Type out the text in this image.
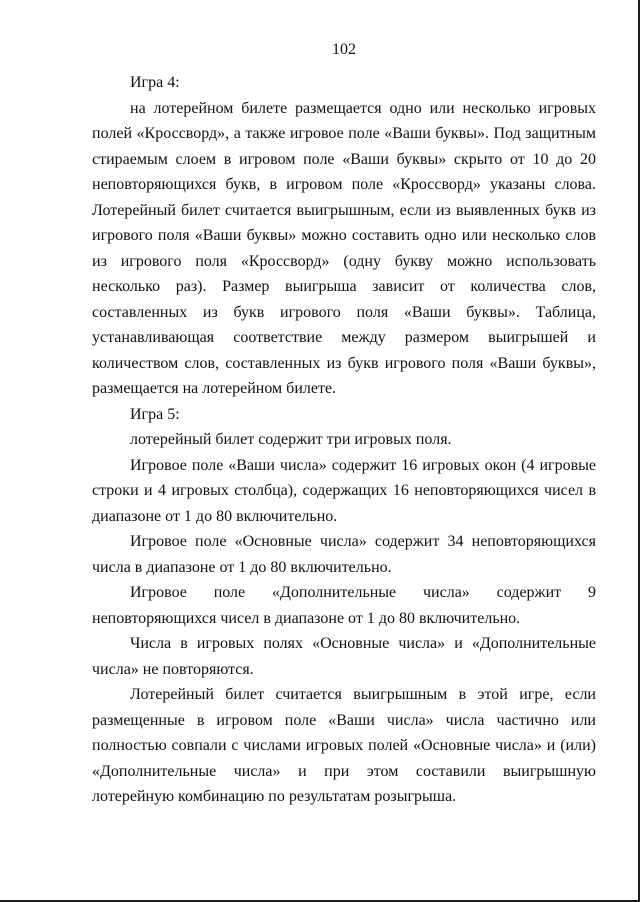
102

Игра 4:

на лотерейном билете размещается одно или несколько игровых полей «Кроссворд», а также игровое поле «Ваши буквы». Под защитным стираемым слоем в игровом поле «Ваши буквы» скрыто от 10 до 20 неповторяющихся букв, в игровом поле «Кроссворд» указаны слова. Лотерейный билет считается выигрышным, если из выявленных букв из игрового поля «Ваши буквы» можно составить одно или несколько слов из игрового поля «Кроссворд» (одну букву можно использовать несколько раз). Размер выигрыша зависит от количества слов, составленных из букв игрового поля «Ваши буквы». Таблица, устанавливающая соответствие между размером выигрышей и количеством слов, составленных из букв игрового поля «Ваши буквы», размещается на лотерейном билете.

Игра 5:

лотерейный билет содержит три игровых поля.

Игровое поле «Ваши числа» содержит 16 игровых окон (4 игровые строки и 4 игровых столбца), содержащих 16 неповторяющихся чисел в диапазоне от 1 до 80 включительно.

Игровое поле «Основные числа» содержит 34 неповторяющихся числа в диапазоне от 1 до 80 включительно.

Игровое поле «Дополнительные числа» содержит 9 неповторяющихся чисел в диапазоне от 1 до 80 включительно.

Числа в игровых полях «Основные числа» и «Дополнительные числа» не повторяются.

Лотерейный билет считается выигрышным в этой игре, если размещенные в игровом поле «Ваши числа» числа частично или полностью совпали с числами игровых полей «Основные числа» и (или) «Дополнительные числа» и при этом составили выигрышную лотерейную комбинацию по результатам розыгрыша.
